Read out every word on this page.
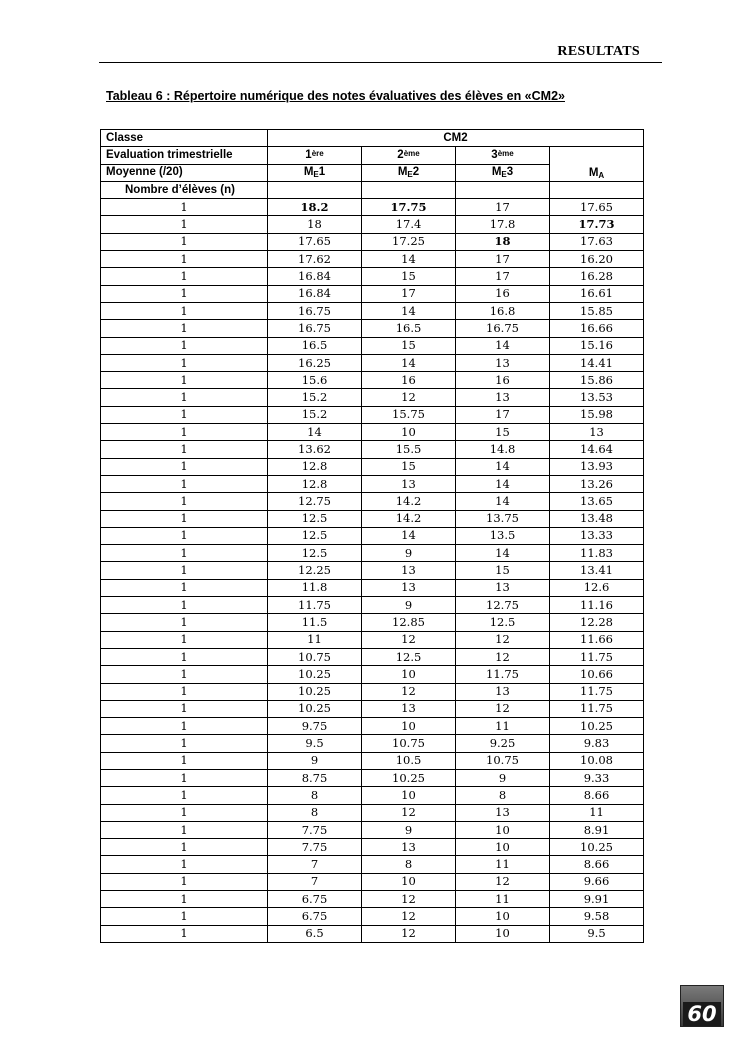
RESULTATS
Tableau 6 : Répertoire numérique des notes évaluatives des élèves en «CM2»
Classe	CM2			
Evaluation trimestrielle	1ère	2ème	3ème	MA
Moyenne (/20)	ME1	ME2	ME3	
Nombre d’élèves (n)				
1	18.2	17.75	17	17.65
1	18	17.4	17.8	17.73
1	17.65	17.25	18	17.63
1	17.62	14	17	16.20
1	16.84	15	17	16.28
1	16.84	17	16	16.61
1	16.75	14	16.8	15.85
1	16.75	16.5	16.75	16.66
1	16.5	15	14	15.16
1	16.25	14	13	14.41
1	15.6	16	16	15.86
1	15.2	12	13	13.53
1	15.2	15.75	17	15.98
1	14	10	15	13
1	13.62	15.5	14.8	14.64
1	12.8	15	14	13.93
1	12.8	13	14	13.26
1	12.75	14.2	14	13.65
1	12.5	14.2	13.75	13.48
1	12.5	14	13.5	13.33
1	12.5	9	14	11.83
1	12.25	13	15	13.41
1	11.8	13	13	12.6
1	11.75	9	12.75	11.16
1	11.5	12.85	12.5	12.28
1	11	12	12	11.66
1	10.75	12.5	12	11.75
1	10.25	10	11.75	10.66
1	10.25	12	13	11.75
1	10.25	13	12	11.75
1	9.75	10	11	10.25
1	9.5	10.75	9.25	9.83
1	9	10.5	10.75	10.08
1	8.75	10.25	9	9.33
1	8	10	8	8.66
1	8	12	13	11
1	7.75	9	10	8.91
1	7.75	13	10	10.25
1	7	8	11	8.66
1	7	10	12	9.66
1	6.75	12	11	9.91
1	6.75	12	10	9.58
1	6.5	12	10	9.5
60
